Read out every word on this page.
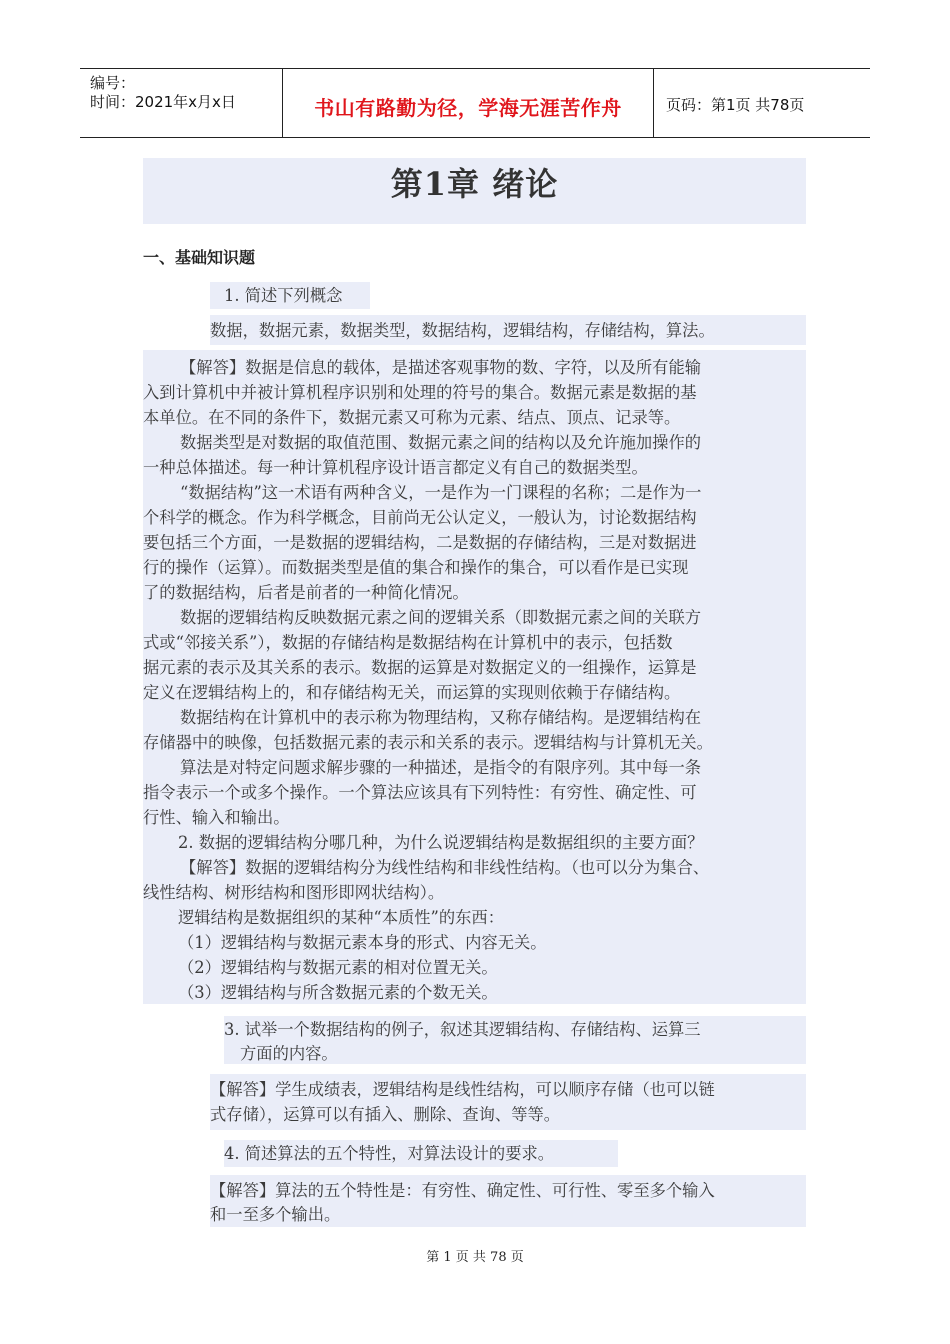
编号：
时间：2021年x月x日	书山有路勤为径，学海无涯苦作舟	页码：第1页 共78页
第1章 绪论
一、基础知识题
1. 简述下列概念
数据，数据元素，数据类型，数据结构，逻辑结构，存储结构，算法。
【解答】数据是信息的载体，是描述客观事物的数、字符，以及所有能输
入到计算机中并被计算机程序识别和处理的符号的集合。数据元素是数据的基
本单位。在不同的条件下，数据元素又可称为元素、结点、顶点、记录等。
数据类型是对数据的取值范围、数据元素之间的结构以及允许施加操作的
一种总体描述。每一种计算机程序设计语言都定义有自己的数据类型。
“数据结构”这一术语有两种含义，一是作为一门课程的名称；二是作为一
个科学的概念。作为科学概念，目前尚无公认定义，一般认为，讨论数据结构
要包括三个方面，一是数据的逻辑结构，二是数据的存储结构，三是对数据进
行的操作（运算）。而数据类型是值的集合和操作的集合，可以看作是已实现
了的数据结构，后者是前者的一种简化情况。
数据的逻辑结构反映数据元素之间的逻辑关系（即数据元素之间的关联方
式或“邻接关系”），数据的存储结构是数据结构在计算机中的表示，包括数
据元素的表示及其关系的表示。数据的运算是对数据定义的一组操作，运算是
定义在逻辑结构上的，和存储结构无关，而运算的实现则依赖于存储结构。
数据结构在计算机中的表示称为物理结构，又称存储结构。是逻辑结构在
存储器中的映像，包括数据元素的表示和关系的表示。逻辑结构与计算机无关。
算法是对特定问题求解步骤的一种描述，是指令的有限序列。其中每一条
指令表示一个或多个操作。一个算法应该具有下列特性：有穷性、确定性、可
行性、输入和输出。
2. 数据的逻辑结构分哪几种，为什么说逻辑结构是数据组织的主要方面？
【解答】数据的逻辑结构分为线性结构和非线性结构。（也可以分为集合、
线性结构、树形结构和图形即网状结构）。
逻辑结构是数据组织的某种“本质性”的东西：
（1）逻辑结构与数据元素本身的形式、内容无关。
（2）逻辑结构与数据元素的相对位置无关。
（3）逻辑结构与所含数据元素的个数无关。
3. 试举一个数据结构的例子，叙述其逻辑结构、存储结构、运算三
方面的内容。
【解答】学生成绩表，逻辑结构是线性结构，可以顺序存储（也可以链
式存储），运算可以有插入、删除、查询、等等。
4. 简述算法的五个特性，对算法设计的要求。
【解答】算法的五个特性是：有穷性、确定性、可行性、零至多个输入
和一至多个输出。
第 1 页 共 78 页
